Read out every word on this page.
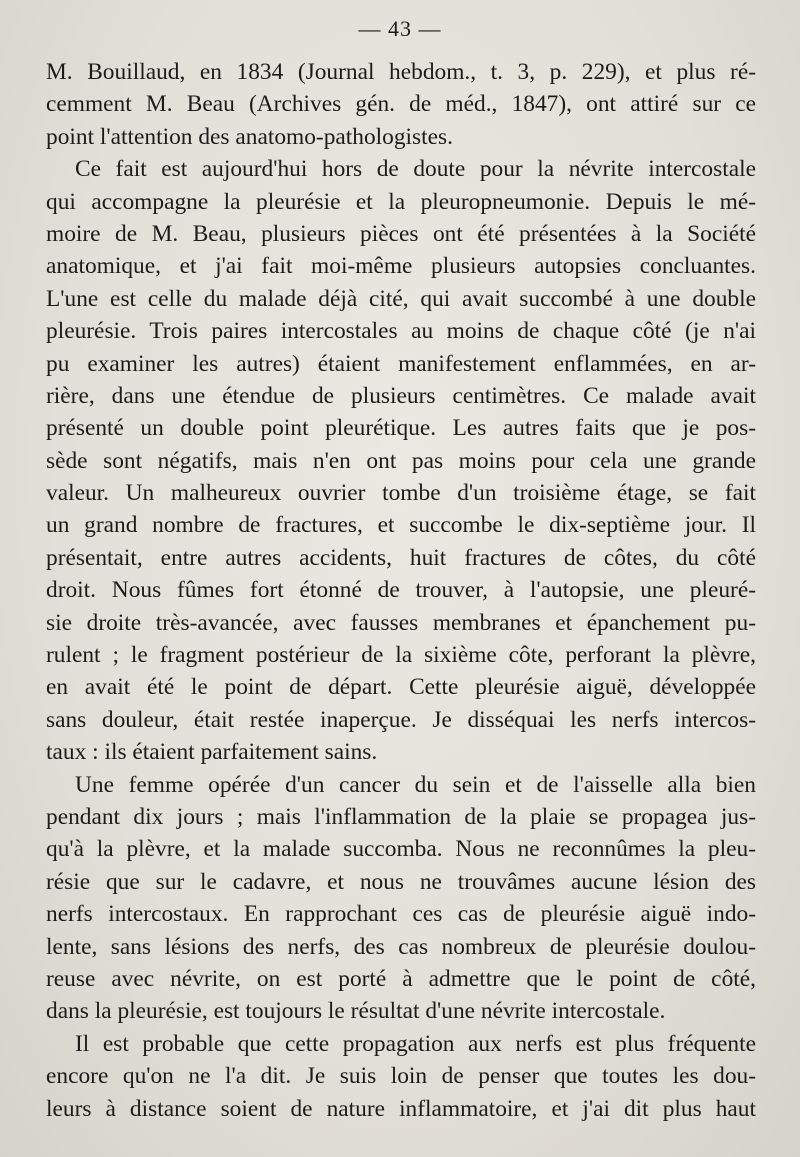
— 43 —
M. Bouillaud, en 1834 (Journal hebdom., t. 3, p. 229), et plus ré-
cemment M. Beau (Archives gén. de méd., 1847), ont attiré sur ce
point l'attention des anatomo-pathologistes.
Ce fait est aujourd'hui hors de doute pour la névrite intercostale
qui accompagne la pleurésie et la pleuropneumonie. Depuis le mé-
moire de M. Beau, plusieurs pièces ont été présentées à la Société
anatomique, et j'ai fait moi-même plusieurs autopsies concluantes.
L'une est celle du malade déjà cité, qui avait succombé à une double
pleurésie. Trois paires intercostales au moins de chaque côté (je n'ai
pu examiner les autres) étaient manifestement enflammées, en ar-
rière, dans une étendue de plusieurs centimètres. Ce malade avait
présenté un double point pleurétique. Les autres faits que je pos-
sède sont négatifs, mais n'en ont pas moins pour cela une grande
valeur. Un malheureux ouvrier tombe d'un troisième étage, se fait
un grand nombre de fractures, et succombe le dix-septième jour. Il
présentait, entre autres accidents, huit fractures de côtes, du côté
droit. Nous fûmes fort étonné de trouver, à l'autopsie, une pleuré-
sie droite très-avancée, avec fausses membranes et épanchement pu-
rulent ; le fragment postérieur de la sixième côte, perforant la plèvre,
en avait été le point de départ. Cette pleurésie aiguë, développée
sans douleur, était restée inaperçue. Je disséquai les nerfs intercos-
taux : ils étaient parfaitement sains.
Une femme opérée d'un cancer du sein et de l'aisselle alla bien
pendant dix jours ; mais l'inflammation de la plaie se propagea jus-
qu'à la plèvre, et la malade succomba. Nous ne reconnûmes la pleu-
résie que sur le cadavre, et nous ne trouvâmes aucune lésion des
nerfs intercostaux. En rapprochant ces cas de pleurésie aiguë indo-
lente, sans lésions des nerfs, des cas nombreux de pleurésie doulou-
reuse avec névrite, on est porté à admettre que le point de côté,
dans la pleurésie, est toujours le résultat d'une névrite intercostale.
Il est probable que cette propagation aux nerfs est plus fréquente
encore qu'on ne l'a dit. Je suis loin de penser que toutes les dou-
leurs à distance soient de nature inflammatoire, et j'ai dit plus haut
